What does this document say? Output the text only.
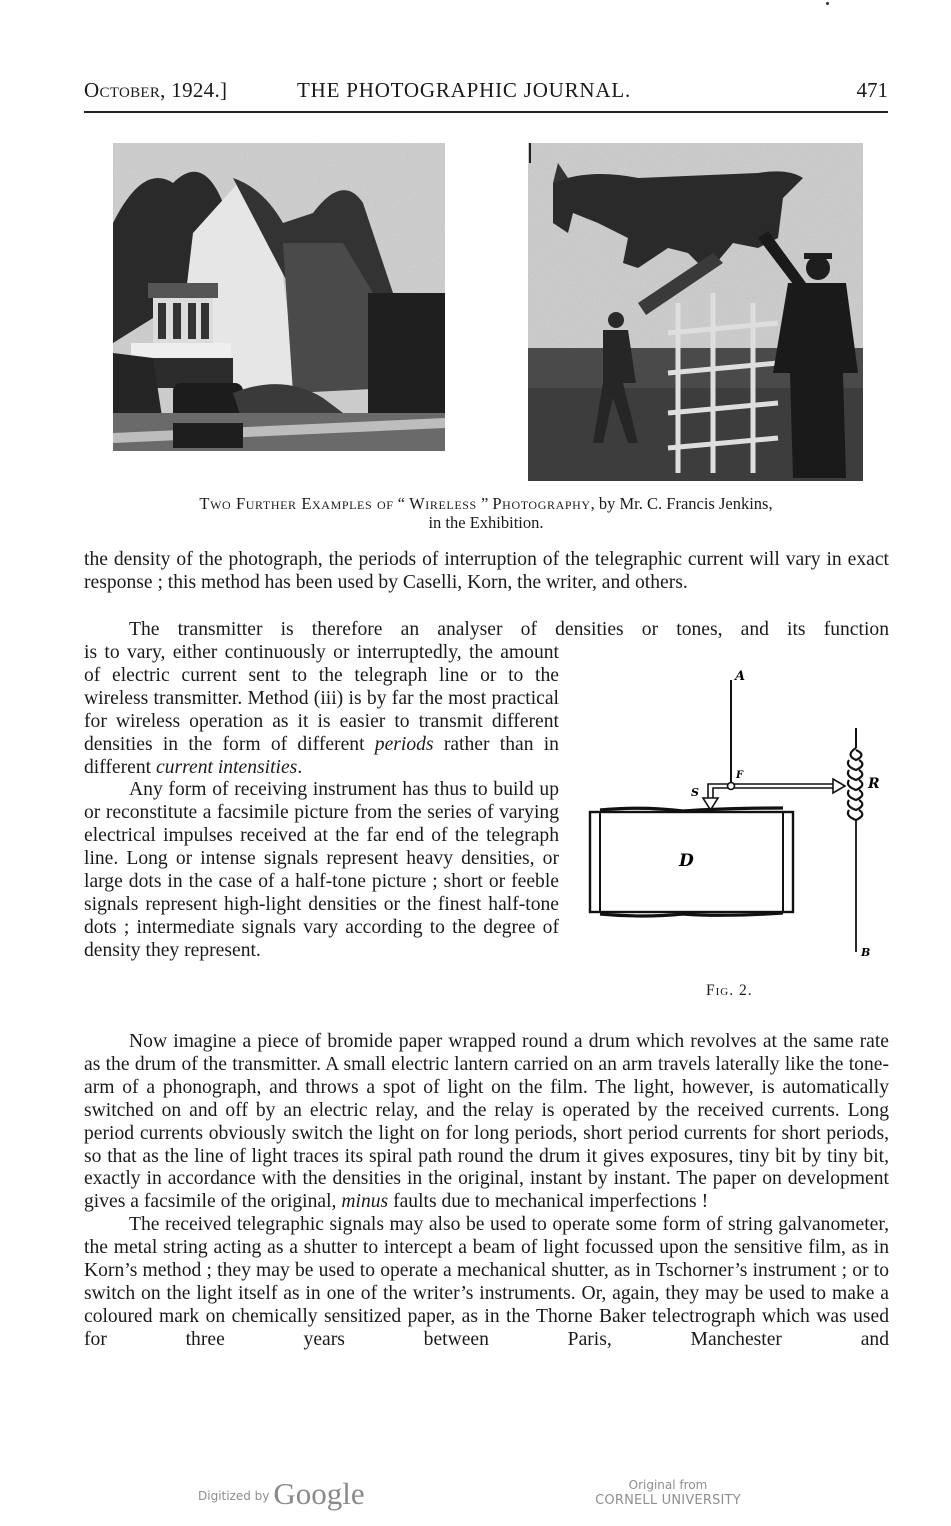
October, 1924.]	THE PHOTOGRAPHIC JOURNAL.	471
Two Further Examples of “ Wireless ” Photography, by Mr. C. Francis Jenkins,
in the Exhibition.

the density of the photograph, the periods of interruption of the telegraphic current will vary in exact response ; this method has been used by Caselli, Korn, the writer, and others.

The transmitter is therefore an analyser of densities or tones, and its function

is to vary, either continuously or interruptedly, the amount of electric current sent to the telegraph line or to the wireless transmitter. Method (iii) is by far the most practical for wireless operation as it is easier to transmit different densities in the form of different periods rather than in different current intensities.

Any form of receiving instrument has thus to build up or reconstitute a facsimile picture from the series of varying electrical impulses received at the far end of the telegraph line. Long or intense signals represent heavy densities, or large dots in the case of a half-tone picture ; short or feeble signals represent high-light densities or the finest half-tone dots ; intermediate signals vary according to the degree of density they represent.

A
F
S
R
D
B
Fig. 2.

Now imagine a piece of bromide paper wrapped round a drum which revolves at the same rate as the drum of the transmitter. A small electric lantern carried on an arm travels laterally like the tone-arm of a phonograph, and throws a spot of light on the film. The light, however, is automatically switched on and off by an electric relay, and the relay is operated by the received currents. Long period currents obviously switch the light on for long periods, short period currents for short periods, so that as the line of light traces its spiral path round the drum it gives exposures, tiny bit by tiny bit, exactly in accordance with the densities in the original, instant by instant. The paper on development gives a facsimile of the original, minus faults due to mechanical imperfections !

The received telegraphic signals may also be used to operate some form of string galvanometer, the metal string acting as a shutter to intercept a beam of light focussed upon the sensitive film, as in Korn’s method ; they may be used to operate a mechanical shutter, as in Tschorner’s instrument ; or to switch on the light itself as in one of the writer’s instruments. Or, again, they may be used to make a coloured mark on chemically sensitized paper, as in the Thorne Baker telectrograph which was used for three years between Paris, Manchester and

$^{Digitized by}$ Google	Original from
CORNELL UNIVERSITY
